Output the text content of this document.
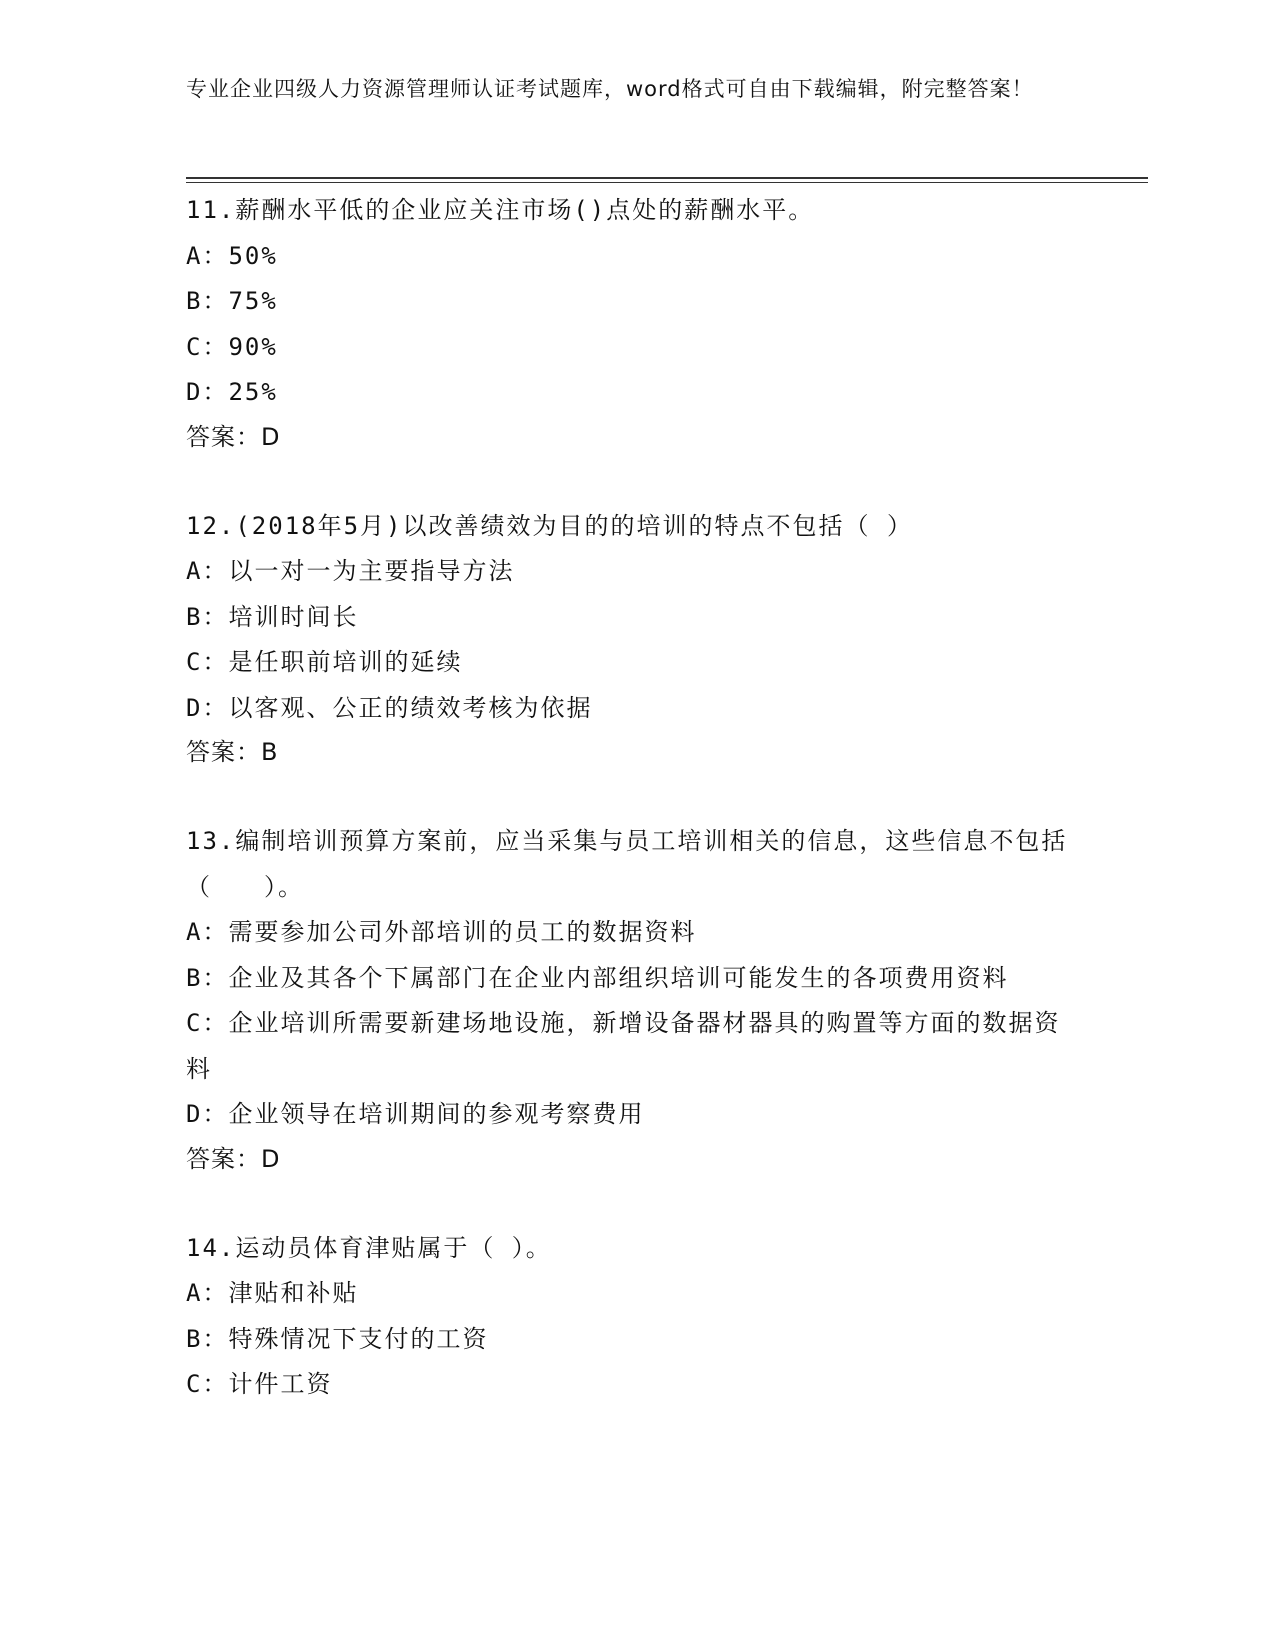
专业企业四级人力资源管理师认证考试题库，word格式可自由下载编辑，附完整答案！

11.薪酬水平低的企业应关注市场()点处的薪酬水平。

A：50%

B：75%

C：90%

D：25%

答案：D

12.(2018年5月)以改善绩效为目的的培训的特点不包括（ ）

A：以一对一为主要指导方法

B：培训时间长

C：是任职前培训的延续

D：以客观、公正的绩效考核为依据

答案：B

13.编制培训预算方案前，应当采集与员工培训相关的信息，这些信息不包括（　　）。

A：需要参加公司外部培训的员工的数据资料

B：企业及其各个下属部门在企业内部组织培训可能发生的各项费用资料

C：企业培训所需要新建场地设施，新增设备器材器具的购置等方面的数据资料

D：企业领导在培训期间的参观考察费用

答案：D

14.运动员体育津贴属于（ ）。

A：津贴和补贴

B：特殊情况下支付的工资

C：计件工资
